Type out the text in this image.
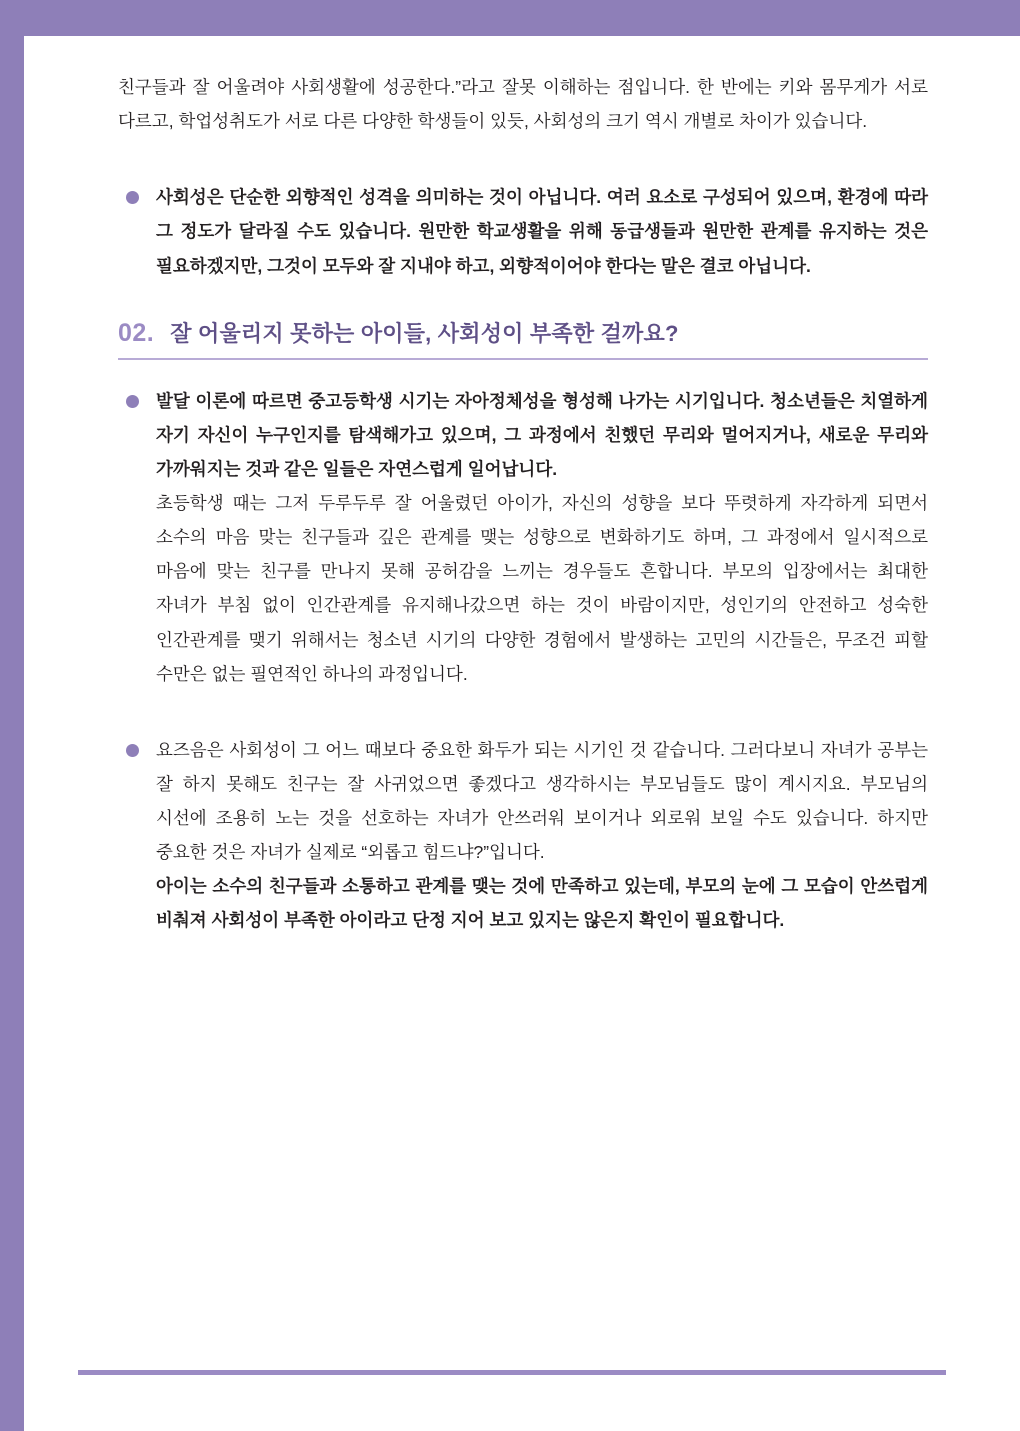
친구들과 잘 어울려야 사회생활에 성공한다.”라고 잘못 이해하는 점입니다. 한 반에는 키와 몸무게가 서로 다르고, 학업성취도가 서로 다른 다양한 학생들이 있듯, 사회성의 크기 역시 개별로 차이가 있습니다.

사회성은 단순한 외향적인 성격을 의미하는 것이 아닙니다. 여러 요소로 구성되어 있으며, 환경에 따라 그 정도가 달라질 수도 있습니다. 원만한 학교생활을 위해 동급생들과 원만한 관계를 유지하는 것은 필요하겠지만, 그것이 모두와 잘 지내야 하고, 외향적이어야 한다는 말은 결코 아닙니다.

02. 잘 어울리지 못하는 아이들, 사회성이 부족한 걸까요?

발달 이론에 따르면 중고등학생 시기는 자아정체성을 형성해 나가는 시기입니다. 청소년들은 치열하게 자기 자신이 누구인지를 탐색해가고 있으며, 그 과정에서 친했던 무리와 멀어지거나, 새로운 무리와 가까워지는 것과 같은 일들은 자연스럽게 일어납니다.

초등학생 때는 그저 두루두루 잘 어울렸던 아이가, 자신의 성향을 보다 뚜렷하게 자각하게 되면서 소수의 마음 맞는 친구들과 깊은 관계를 맺는 성향으로 변화하기도 하며, 그 과정에서 일시적으로 마음에 맞는 친구를 만나지 못해 공허감을 느끼는 경우들도 흔합니다. 부모의 입장에서는 최대한 자녀가 부침 없이 인간관계를 유지해나갔으면 하는 것이 바람이지만, 성인기의 안전하고 성숙한 인간관계를 맺기 위해서는 청소년 시기의 다양한 경험에서 발생하는 고민의 시간들은, 무조건 피할 수만은 없는 필연적인 하나의 과정입니다.

요즈음은 사회성이 그 어느 때보다 중요한 화두가 되는 시기인 것 같습니다. 그러다보니 자녀가 공부는 잘 하지 못해도 친구는 잘 사귀었으면 좋겠다고 생각하시는 부모님들도 많이 계시지요. 부모님의 시선에 조용히 노는 것을 선호하는 자녀가 안쓰러워 보이거나 외로워 보일 수도 있습니다. 하지만 중요한 것은 자녀가 실제로 “외롭고 힘드냐?”입니다.

아이는 소수의 친구들과 소통하고 관계를 맺는 것에 만족하고 있는데, 부모의 눈에 그 모습이 안쓰럽게 비춰져 사회성이 부족한 아이라고 단정 지어 보고 있지는 않은지 확인이 필요합니다.
